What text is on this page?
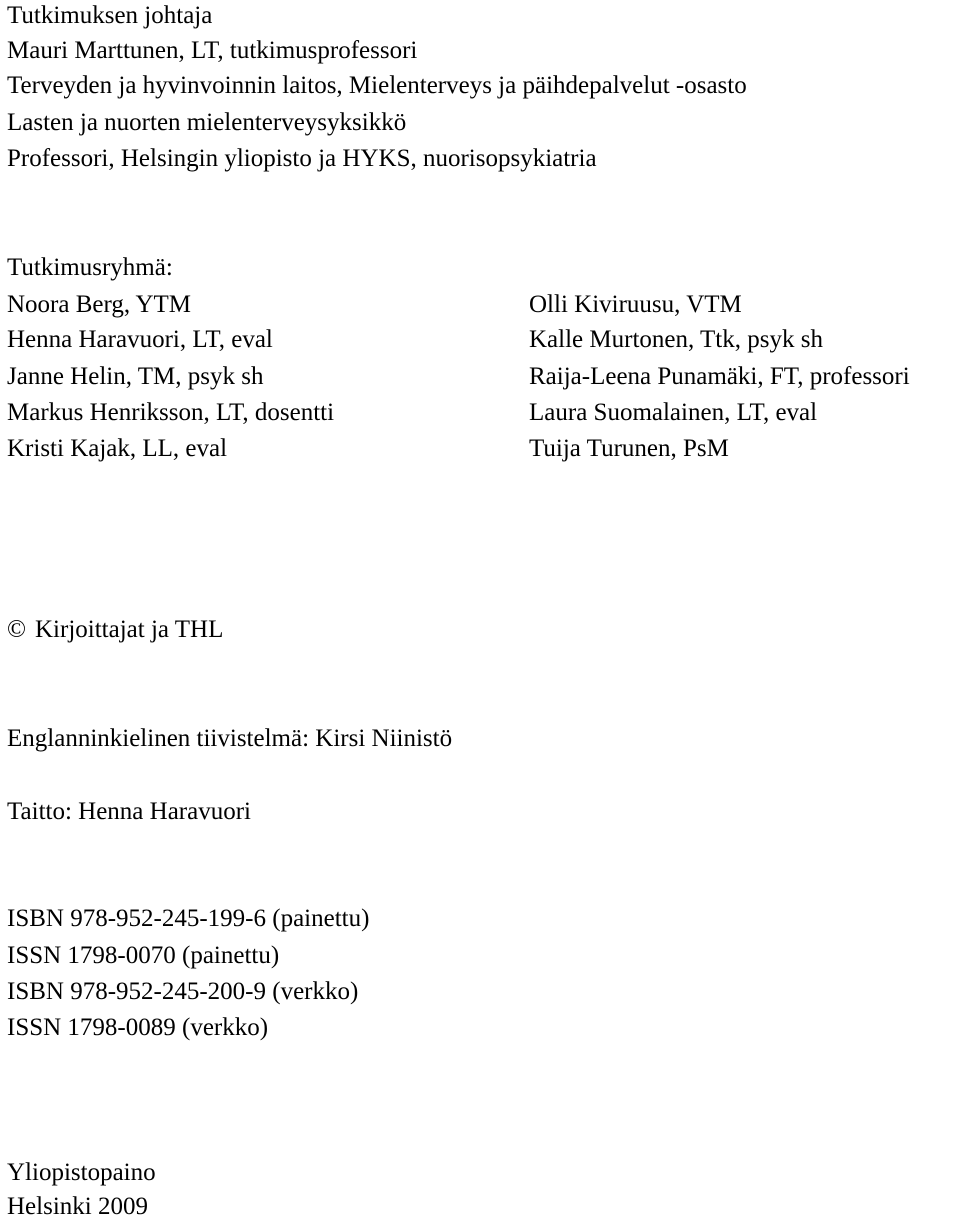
Tutkimuksen johtaja
Mauri Marttunen, LT, tutkimusprofessori
Terveyden ja hyvinvoinnin laitos, Mielenterveys ja päihdepalvelut -osasto
Lasten ja nuorten mielenterveysyksikkö
Professori, Helsingin yliopisto ja HYKS, nuorisopsykiatria
Tutkimusryhmä:
Noora Berg, YTM
Henna Haravuori, LT, eval
Janne Helin, TM, psyk sh
Markus Henriksson, LT, dosentti
Kristi Kajak, LL, eval
Olli Kiviruusu, VTM
Kalle Murtonen, Ttk, psyk sh
Raija-Leena Punamäki, FT, professori
Laura Suomalainen, LT, eval
Tuija Turunen, PsM
© Kirjoittajat ja THL
Englanninkielinen tiivistelmä: Kirsi Niinistö
Taitto: Henna Haravuori
ISBN 978-952-245-199-6 (painettu)
ISSN 1798-0070 (painettu)
ISBN 978-952-245-200-9 (verkko)
ISSN 1798-0089 (verkko)
Yliopistopaino
Helsinki 2009
